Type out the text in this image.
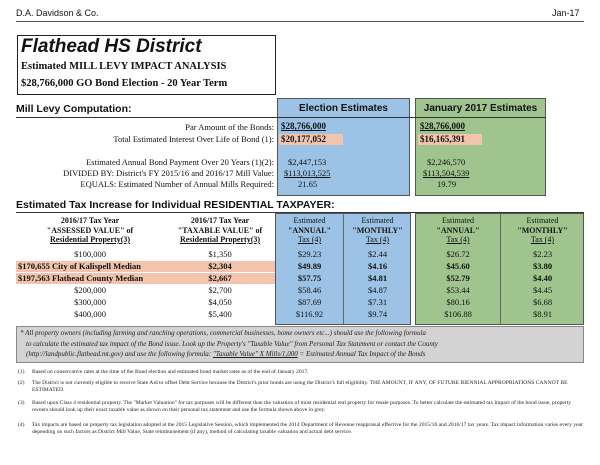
D.A. Davidson & Co.	Jan-17
Flathead HS District
Estimated MILL LEVY IMPACT ANALYSIS
$28,766,000 GO Bond Election - 20 Year Term
Mill Levy Computation:	Election Estimates	January 2017 Estimates
Par Amount of the Bonds: $28,766,000	$28,766,000
Total Estimated Interest Over Life of Bond (1): $20,177,052	$16,165,391
Estimated Annual Bond Payment Over 20 Years (1)(2): $2,447,153	$2,246,570
DIVIDED BY: District's FY 2015/16 and 2016/17 Mill Value: $113,013,525	$113,504,539
EQUALS: Estimated Number of Annual Mills Required:	21.65	19.79
Estimated Tax Increase for Individual RESIDENTIAL TAXPAYER:
2016/17 Tax Year
"ASSESSED VALUE" of
Residential Property(3)
2016/17 Tax Year
"TAXABLE VALUE" of
Residential Property(3)
Estimated
"ANNUAL"
Tax (4)
Estimated
"MONTHLY"
Tax (4)
Estimated
"ANNUAL"
Tax (4)
Estimated
"MONTHLY"
Tax (4)
$100,000	$1,350	$29.23	$2.44	$26.72	$2.23
$170,655 City of Kalispell Median	$2,304	$49.89	$4.16	$45.60	$3.80
$197,563 Flathead County Median	$2,667	$57.75	$4.81	$52.79	$4.40
$200,000	$2,700	$58.46	$4.87	$53.44	$4.45
$300,000	$4,050	$87.69	$7.31	$80.16	$6.68
$400,000	$5,400	$116.92	$9.74	$106.88	$8.91
* All property owners (including farming and ranching operations, commercial businesses, home owners etc...) should use the following formula
to calculate the estimated tax impact of the Bond issue. Look up the Property's "Taxable Value" from Personal Tax Statement or contact the County
(http://landpublic.flathead.mt.gov) and use the following formula: "Taxable Value" X Mills/1,000 = Estimated Annual Tax Impact of the Bonds
(1) Based on conservative rates at the time of the Bond election and estimated bond market rates as of the end of January 2017.
(2) The District is not currently eligible to receive State Aid to offset Debt Service because the District's prior bonds are using the District's full eligibility. THE AMOUNT, IF ANY, OF FUTURE BIENNIAL APPROPRIATIONS CANNOT BE ESTIMATED.
(3) Based upon Class 4 residential property. The "Market Valuation" for tax purposes will be different than the valuation of most residential real property for resale purposes. To better calculate the estimated tax impact of the bond issue, property owners should look up their exact taxable value as shown on their personal tax statement and use the formula shown above in grey.
(4) Tax impacts are based on property tax legislation adopted at the 2015 Legislative Session, which implemented the 2014 Department of Revenue reappraisal effective for the 2015/16 and 2016/17 tax years. Tax impact information varies every year depending on such factors as District Mill Value, State reimbursement (if any), method of calculating taxable valuation and actual debt service.
